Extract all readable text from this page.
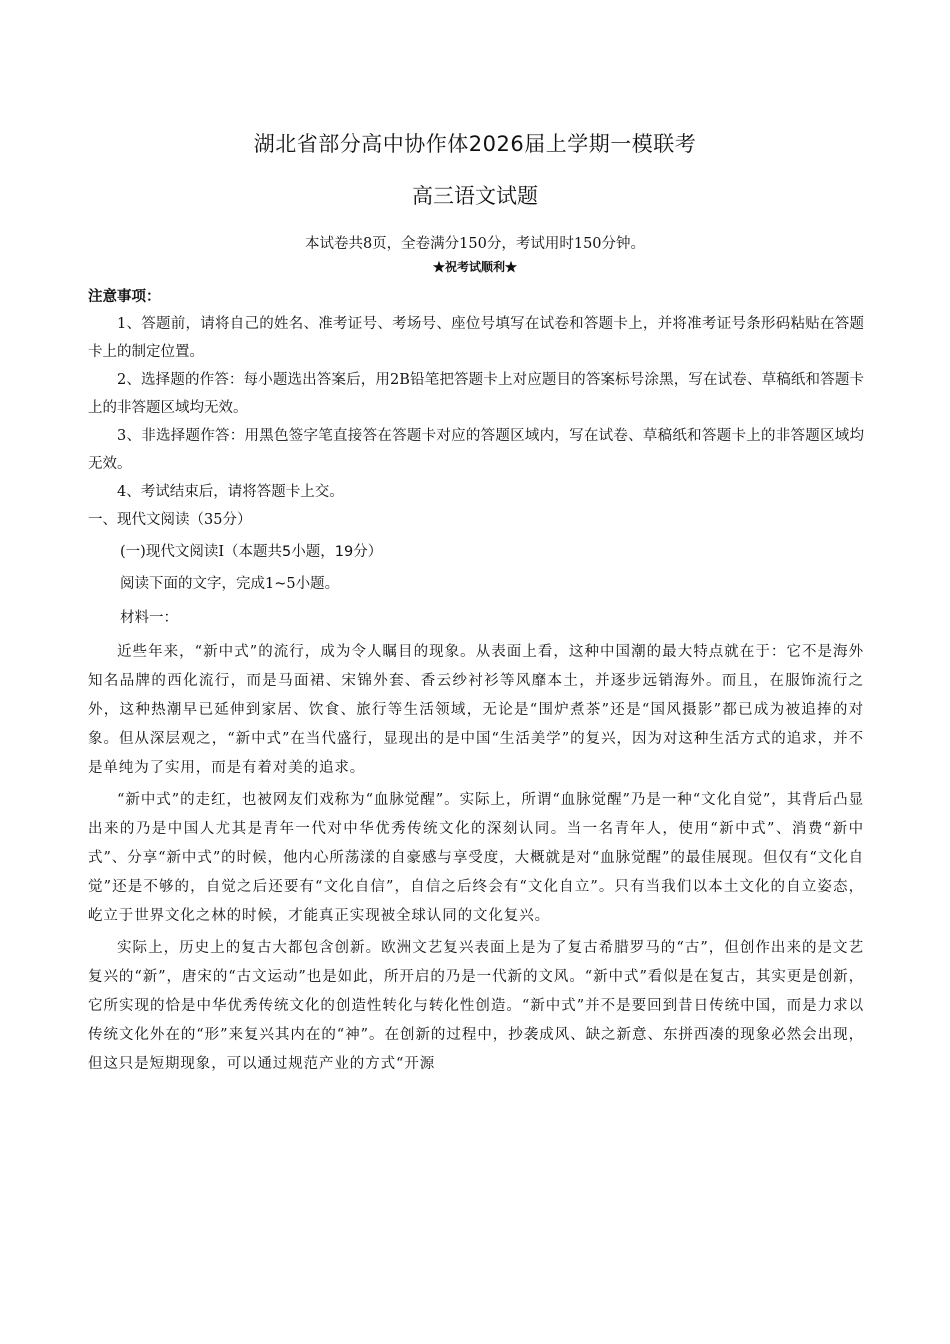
湖北省部分高中协作体2026届上学期一模联考
高三语文试题
本试卷共8页，全卷满分150分，考试用时150分钟。
★祝考试顺利★
注意事项：

1、答题前，请将自己的姓名、准考证号、考场号、座位号填写在试卷和答题卡上，并将准考证号条形码粘贴在答题卡上的制定位置。

2、选择题的作答：每小题选出答案后，用2B铅笔把答题卡上对应题目的答案标号涂黑，写在试卷、草稿纸和答题卡上的非答题区域均无效。

3、非选择题作答：用黑色签字笔直接答在答题卡对应的答题区域内，写在试卷、草稿纸和答题卡上的非答题区域均无效。

4、考试结束后，请将答题卡上交。

一、现代文阅读（35分）
(一)现代文阅读Ⅰ（本题共5小题，19分）
阅读下面的文字，完成1~5小题。
材料一：

近些年来，“新中式”的流行，成为令人瞩目的现象。从表面上看，这种中国潮的最大特点就在于：它不是海外知名品牌的西化流行，而是马面裙、宋锦外套、香云纱衬衫等风靡本土，并逐步远销海外。而且，在服饰流行之外，这种热潮早已延伸到家居、饮食、旅行等生活领域，无论是“围炉煮茶”还是“国风摄影”都已成为被追捧的对象。但从深层观之，“新中式”在当代盛行，显现出的是中国“生活美学”的复兴，因为对这种生活方式的追求，并不是单纯为了实用，而是有着对美的追求。

“新中式”的走红，也被网友们戏称为“血脉觉醒”。实际上，所谓“血脉觉醒”乃是一种“文化自觉”，其背后凸显出来的乃是中国人尤其是青年一代对中华优秀传统文化的深刻认同。当一名青年人，使用“新中式”、消费“新中式”、分享“新中式”的时候，他内心所荡漾的自豪感与享受度，大概就是对“血脉觉醒”的最佳展现。但仅有“文化自觉”还是不够的，自觉之后还要有“文化自信”，自信之后终会有“文化自立”。只有当我们以本土文化的自立姿态，屹立于世界文化之林的时候，才能真正实现被全球认同的文化复兴。

实际上，历史上的复古大都包含创新。欧洲文艺复兴表面上是为了复古希腊罗马的“古”，但创作出来的是文艺复兴的“新”，唐宋的“古文运动”也是如此，所开启的乃是一代新的文风。“新中式”看似是在复古，其实更是创新，它所实现的恰是中华优秀传统文化的创造性转化与转化性创造。“新中式”并不是要回到昔日传统中国，而是力求以传统文化外在的“形”来复兴其内在的“神”。在创新的过程中，抄袭成风、缺之新意、东拼西凑的现象必然会出现，但这只是短期现象，可以通过规范产业的方式“开源
